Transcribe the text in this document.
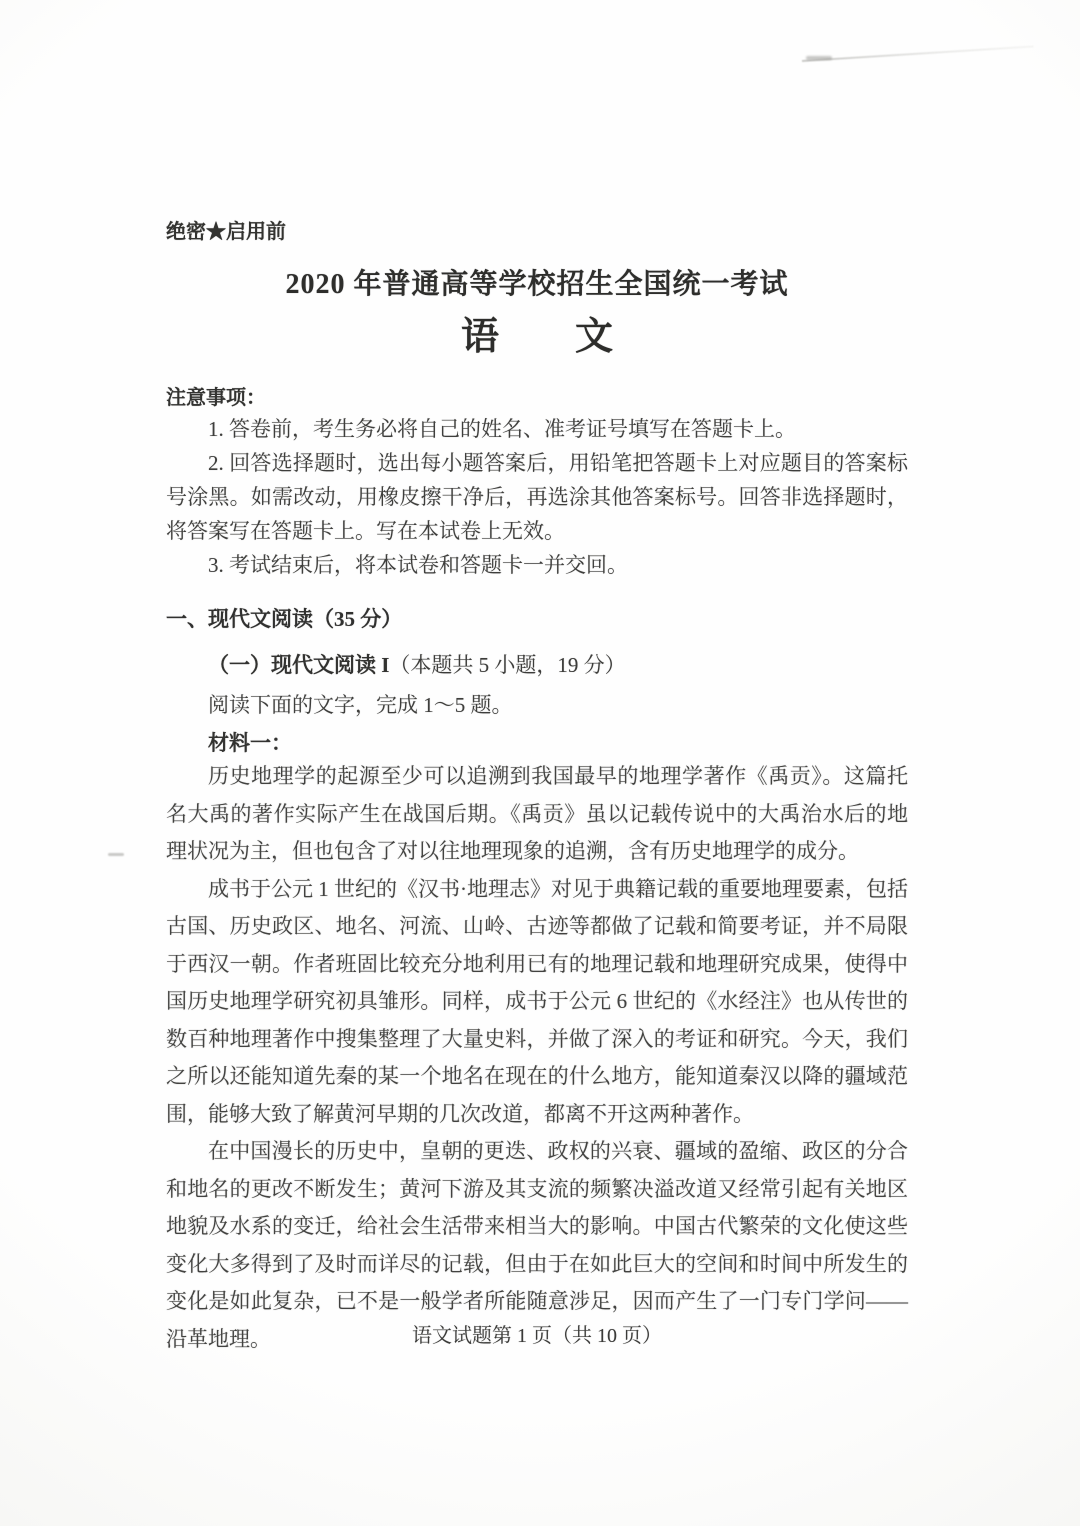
绝密★启用前
2020 年普通高等学校招生全国统一考试
语　　文
注意事项：

1. 答卷前，考生务必将自己的姓名、准考证号填写在答题卡上。

2. 回答选择题时，选出每小题答案后，用铅笔把答题卡上对应题目的答案标号涂黑。如需改动，用橡皮擦干净后，再选涂其他答案标号。回答非选择题时，将答案写在答题卡上。写在本试卷上无效。

3. 考试结束后，将本试卷和答题卡一并交回。

一、现代文阅读（35 分）

（一）现代文阅读 I（本题共 5 小题，19 分）

阅读下面的文字，完成 1～5 题。

材料一：

历史地理学的起源至少可以追溯到我国最早的地理学著作《禹贡》。这篇托名大禹的著作实际产生在战国后期。《禹贡》虽以记载传说中的大禹治水后的地理状况为主，但也包含了对以往地理现象的追溯，含有历史地理学的成分。

成书于公元 1 世纪的《汉书·地理志》对见于典籍记载的重要地理要素，包括古国、历史政区、地名、河流、山岭、古迹等都做了记载和简要考证，并不局限于西汉一朝。作者班固比较充分地利用已有的地理记载和地理研究成果，使得中国历史地理学研究初具雏形。同样，成书于公元 6 世纪的《水经注》也从传世的数百种地理著作中搜集整理了大量史料，并做了深入的考证和研究。今天，我们之所以还能知道先秦的某一个地名在现在的什么地方，能知道秦汉以降的疆域范围，能够大致了解黄河早期的几次改道，都离不开这两种著作。

在中国漫长的历史中，皇朝的更迭、政权的兴衰、疆域的盈缩、政区的分合和地名的更改不断发生；黄河下游及其支流的频繁决溢改道又经常引起有关地区地貌及水系的变迁，给社会生活带来相当大的影响。中国古代繁荣的文化使这些变化大多得到了及时而详尽的记载，但由于在如此巨大的空间和时间中所发生的变化是如此复杂，已不是一般学者所能随意涉足，因而产生了一门专门学问——沿革地理。	语文试题第 1 页（共 10 页）
